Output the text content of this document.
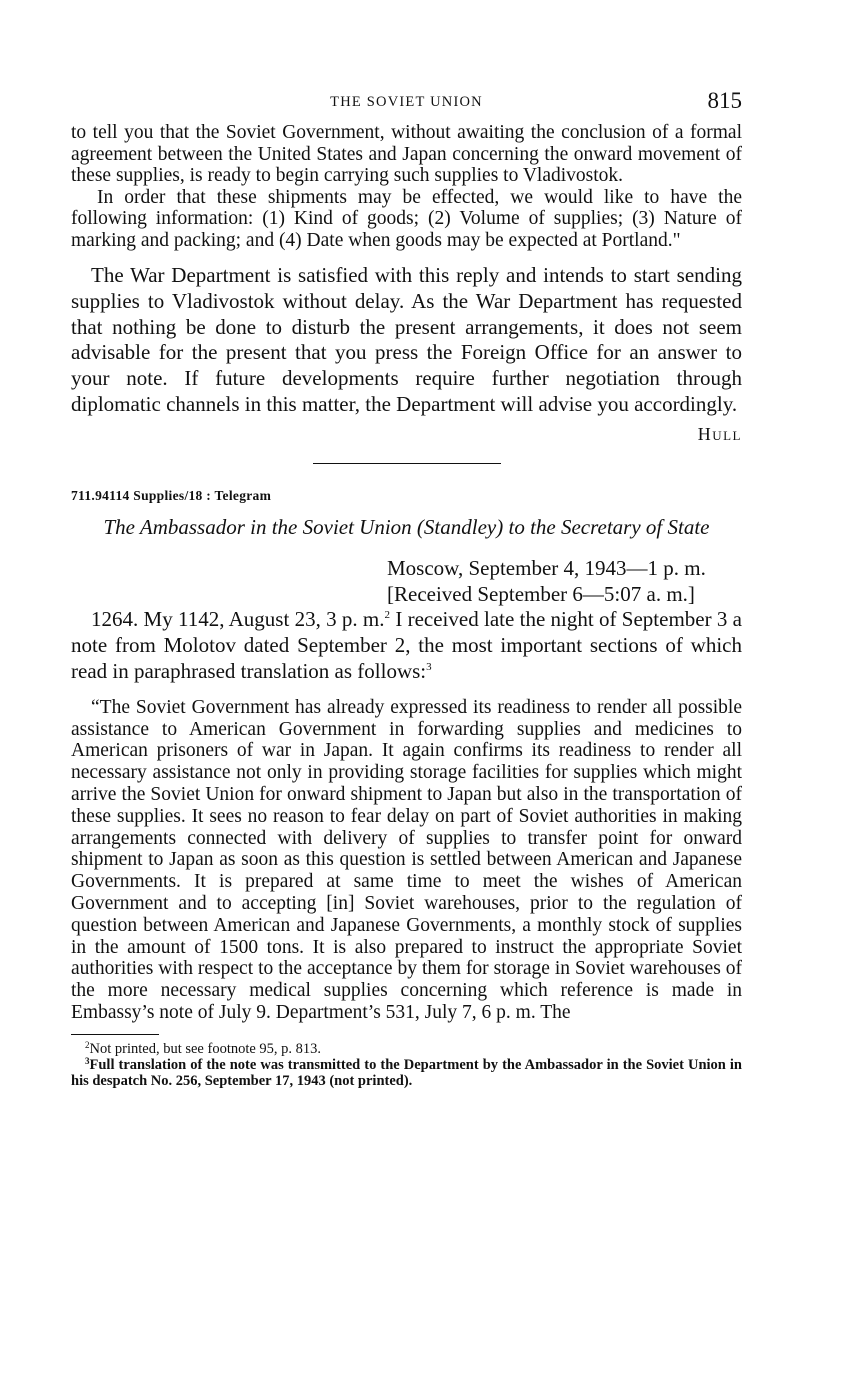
THE SOVIET UNION	815

to tell you that the Soviet Government, without awaiting the conclusion of a formal agreement between the United States and Japan concerning the onward movement of these supplies, is ready to begin carrying such supplies to Vladivostok.

In order that these shipments may be effected, we would like to have the following information: (1) Kind of goods; (2) Volume of supplies; (3) Nature of marking and packing; and (4) Date when goods may be expected at Portland."

The War Department is satisfied with this reply and intends to start sending supplies to Vladivostok without delay. As the War Department has requested that nothing be done to disturb the present arrangements, it does not seem advisable for the present that you press the Foreign Office for an answer to your note. If future developments require further negotiation through diplomatic channels in this matter, the Department will advise you accordingly.

Hull

711.94114 Supplies/18 : Telegram

The Ambassador in the Soviet Union (Standley) to the Secretary of State

Moscow, September 4, 1943—1 p. m.
[Received September 6—5:07 a. m.]

1264. My 1142, August 23, 3 p. m.$^2$ I received late the night of September 3 a note from Molotov dated September 2, the most important sections of which read in paraphrased translation as follows:$^3$

“The Soviet Government has already expressed its readiness to render all possible assistance to American Government in forwarding supplies and medicines to American prisoners of war in Japan. It again confirms its readiness to render all necessary assistance not only in providing storage facilities for supplies which might arrive the Soviet Union for onward shipment to Japan but also in the transportation of these supplies. It sees no reason to fear delay on part of Soviet authorities in making arrangements connected with delivery of supplies to transfer point for onward shipment to Japan as soon as this question is settled between American and Japanese Governments. It is prepared at same time to meet the wishes of American Government and to accepting [in] Soviet warehouses, prior to the regulation of question between American and Japanese Governments, a monthly stock of supplies in the amount of 1500 tons. It is also prepared to instruct the appropriate Soviet authorities with respect to the acceptance by them for storage in Soviet warehouses of the more necessary medical supplies concerning which reference is made in Embassy’s note of July 9. Department’s 531, July 7, 6 p. m. The

$^2$Not printed, but see footnote 95, p. 813.

$^3$Full translation of the note was transmitted to the Department by the Ambassador in the Soviet Union in his despatch No. 256, September 17, 1943 (not printed).
